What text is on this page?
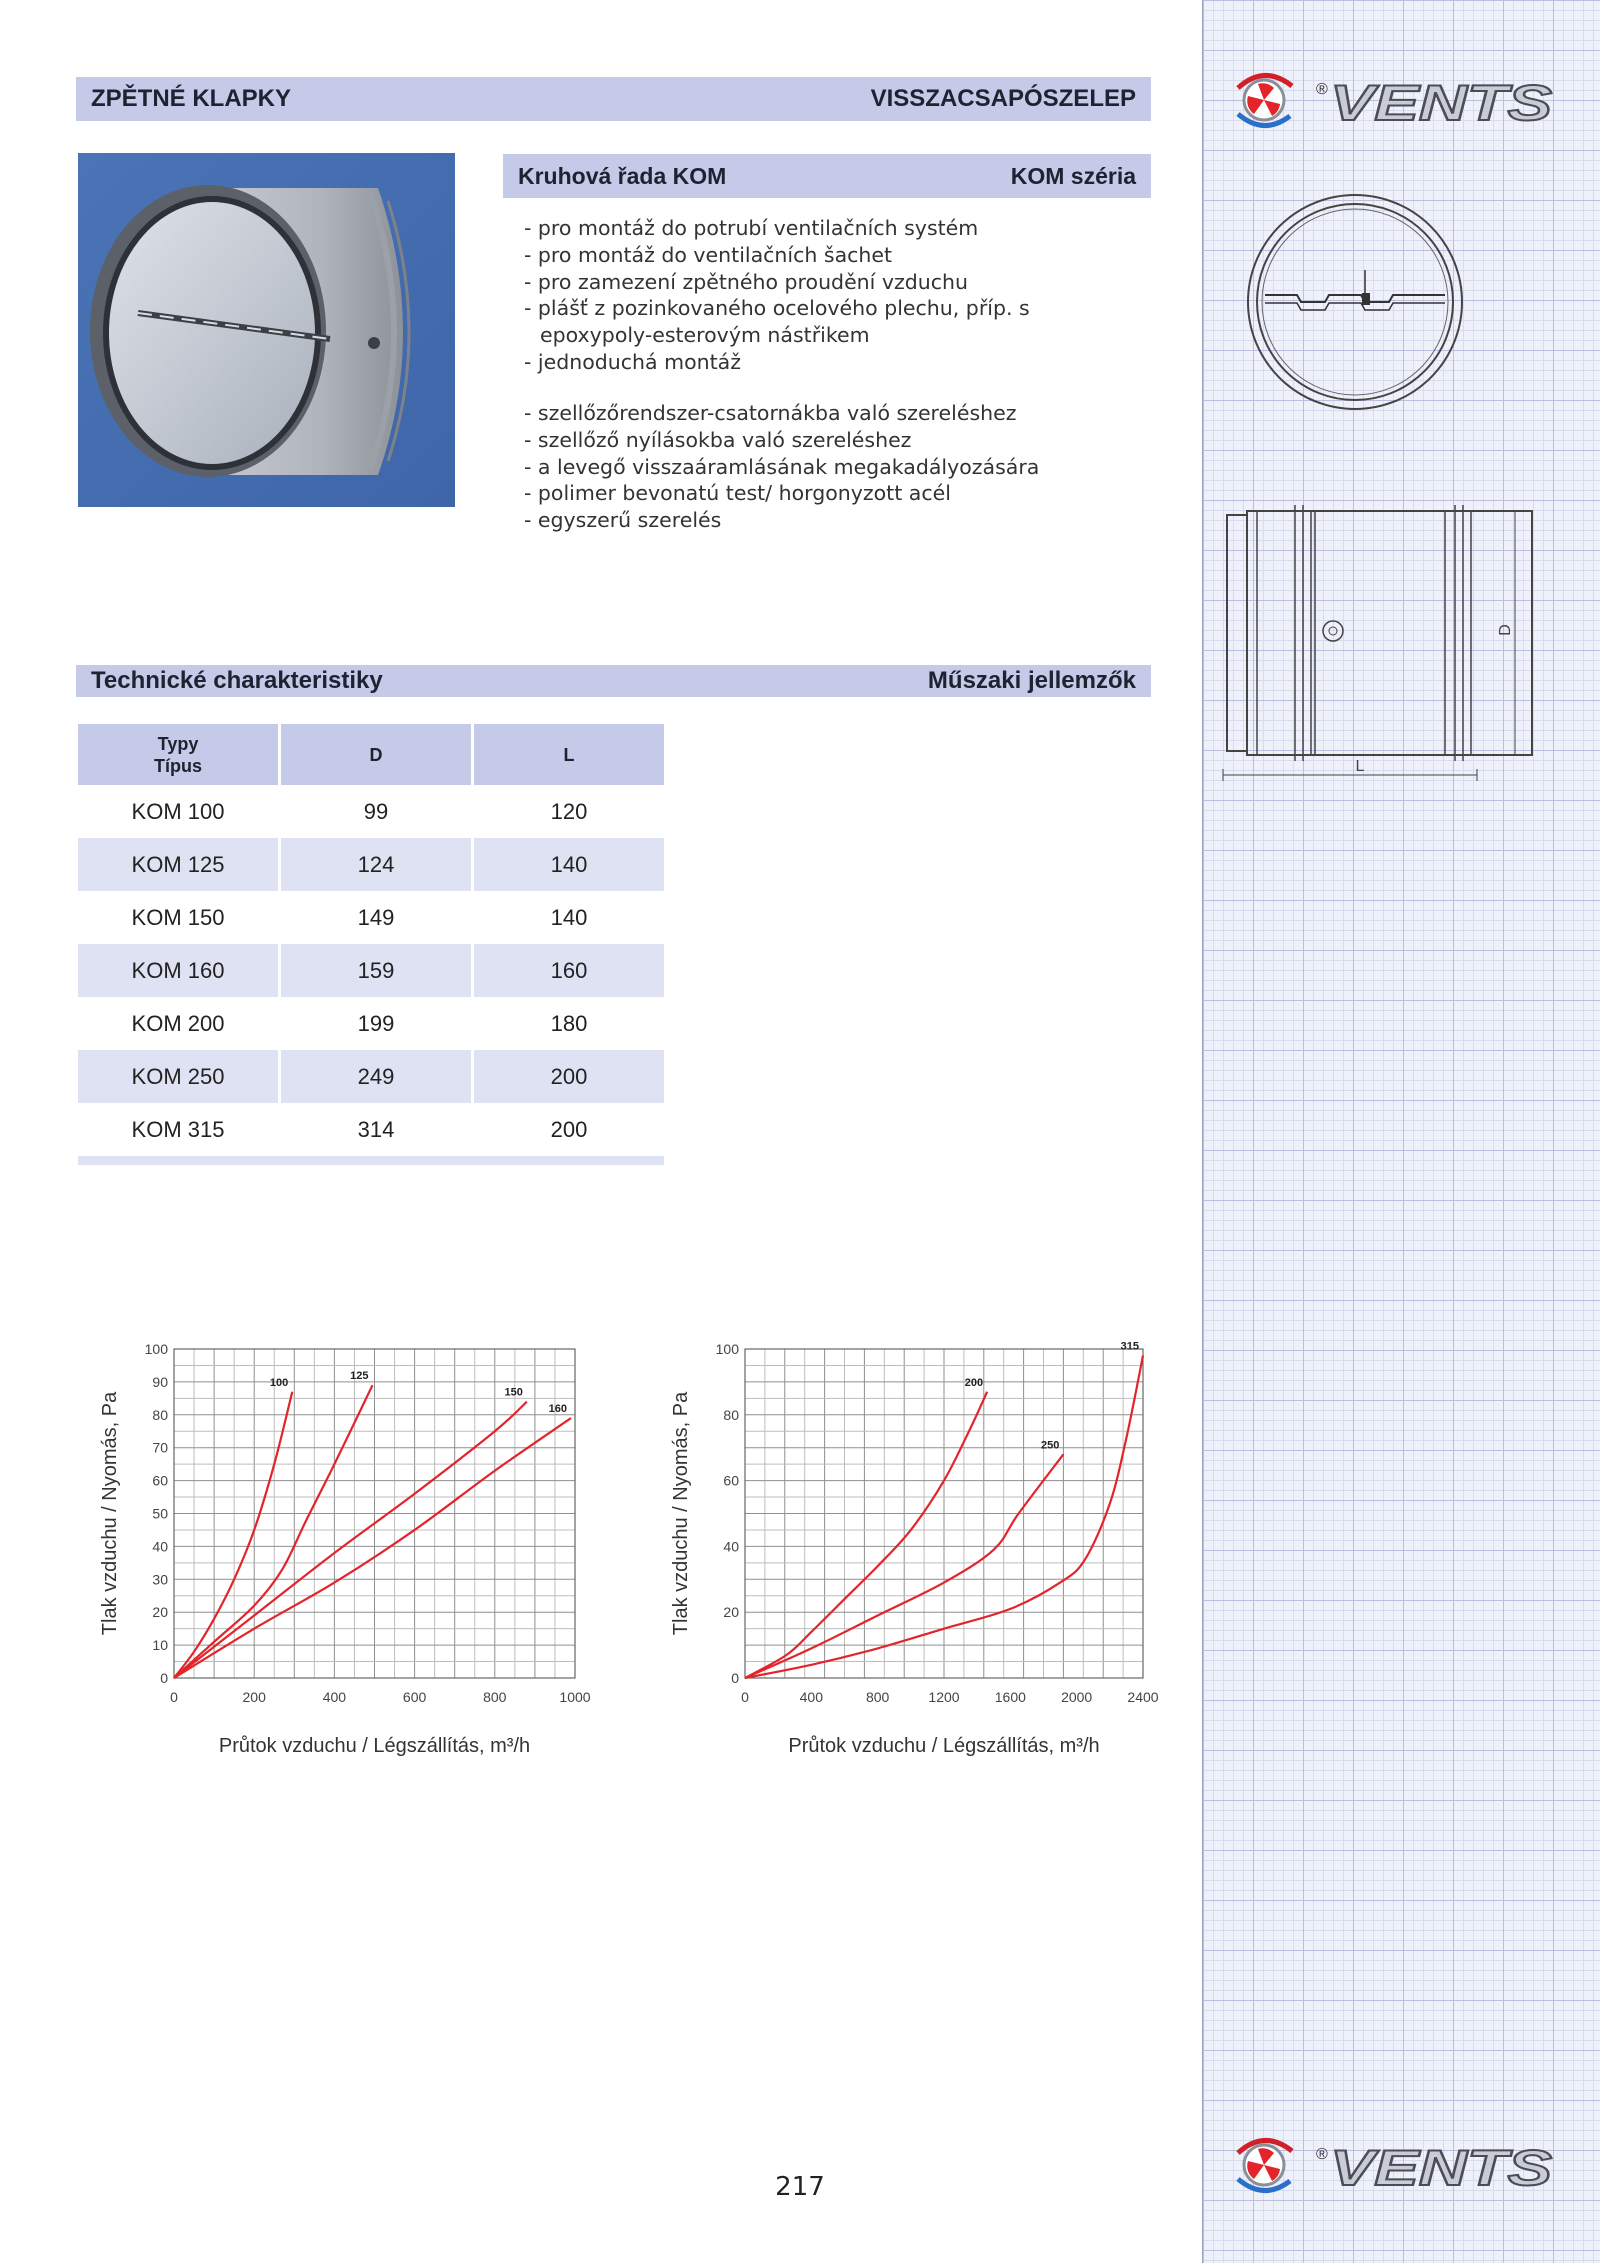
® VENTS
® VENTS
D
L
ZPĚTNÉ KLAPKY	VISSZACSAPÓSZELEP
Kruhová řada KOM	KOM széria
- pro montáž do potrubí ventilačních systém
- pro montáž do ventilačních šachet
- pro zamezení zpětného proudění vzduchu
- plášť z pozinkovaného ocelového plechu, příp. s epoxypoly-esterovým nástřikem
- jednoduchá montáž
- szellőzőrendszer-csatornákba való szereléshez
- szellőző nyílásokba való szereléshez
- a levegő visszaáramlásának megakadályozására
- polimer bevonatú test/ horgonyzott acél
- egyszerű szerelés
Technické charakteristiky	Műszaki jellemzők
Typy
Típus	D	L
KOM 100	99	120
KOM 125	124	140
KOM 150	149	140
KOM 160	159	160
KOM 200	199	180
KOM 250	249	200
KOM 315	314	200
0	200	400	600	800	1000
0
10
20
30
40
50
60
70
80
90
100
Průtok vzduchu / Légszállítás, m³/h
Tlak vzduchu / Nyomás, Pa
100
125
150
160
0	400	800	1200	1600	2000	2400
0
20
40
60
80
100
Průtok vzduchu / Légszállítás, m³/h
Tlak vzduchu / Nyomás, Pa
200
250
315
217
